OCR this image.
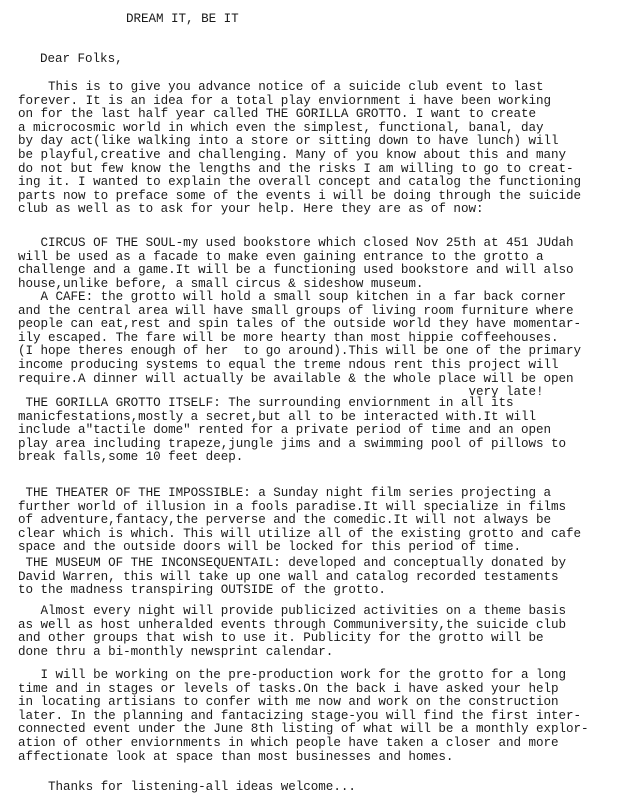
DREAM IT, BE IT
Dear Folks,
This is to give you advance notice of a suicide club event to last
forever. It is an idea for a total play enviornment i have been working
on for the last half year called THE GORILLA GROTTO. I want to create
a microcosmic world in which even the simplest, functional, banal, day
by day act(like walking into a store or sitting down to have lunch) will
be playful,creative and challenging. Many of you know about this and many
do not but few know the lengths and the risks I am willing to go to creat-
ing it. I wanted to explain the overall concept and catalog the functioning
parts now to preface some of the events i will be doing through the suicide
club as well as to ask for your help. Here they are as of now:
CIRCUS OF THE SOUL-my used bookstore which closed Nov 25th at 451 JUdah
will be used as a facade to make even gaining entrance to the grotto a
challenge and a game.It will be a functioning used bookstore and will also
house,unlike before, a small circus & sideshow museum.
A CAFE: the grotto will hold a small soup kitchen in a far back corner
and the central area will have small groups of living room furniture where
people can eat,rest and spin tales of the outside world they have momentar-
ily escaped. The fare will be more hearty than most hippie coffeehouses.
(I hope theres enough of her  to go around).This will be one of the primary
income producing systems to equal the treme ndous rent this project will
require.A dinner will actually be available & the whole place will be open
very late!
THE GORILLA GROTTO ITSELF: The surrounding enviornment in all its
manicfestations,mostly a secret,but all to be interacted with.It will
include a"tactile dome" rented for a private period of time and an open
play area including trapeze,jungle jims and a swimming pool of pillows to
break falls,some 10 feet deep.
THE THEATER OF THE IMPOSSIBLE: a Sunday night film series projecting a
further world of illusion in a fools paradise.It will specialize in films
of adventure,fantacy,the perverse and the comedic.It will not always be
clear which is which. This will utilize all of the existing grotto and cafe
space and the outside doors will be locked for this period of time.
THE MUSEUM OF THE INCONSEQUENTAIL: developed and conceptually donated by
David Warren, this will take up one wall and catalog recorded testaments
to the madness transpiring OUTSIDE of the grotto.
Almost every night will provide publicized activities on a theme basis
as well as host unheralded events through Communiversity,the suicide club
and other groups that wish to use it. Publicity for the grotto will be
done thru a bi-monthly newsprint calendar.
I will be working on the pre-production work for the grotto for a long
time and in stages or levels of tasks.On the back i have asked your help
in locating artisians to confer with me now and work on the construction
later. In the planning and fantacizing stage-you will find the first inter-
connected event under the June 8th listing of what will be a monthly explor-
ation of other enviornments in which people have taken a closer and more
affectionate look at space than most businesses and homes.
Thanks for listening-all ideas welcome...
